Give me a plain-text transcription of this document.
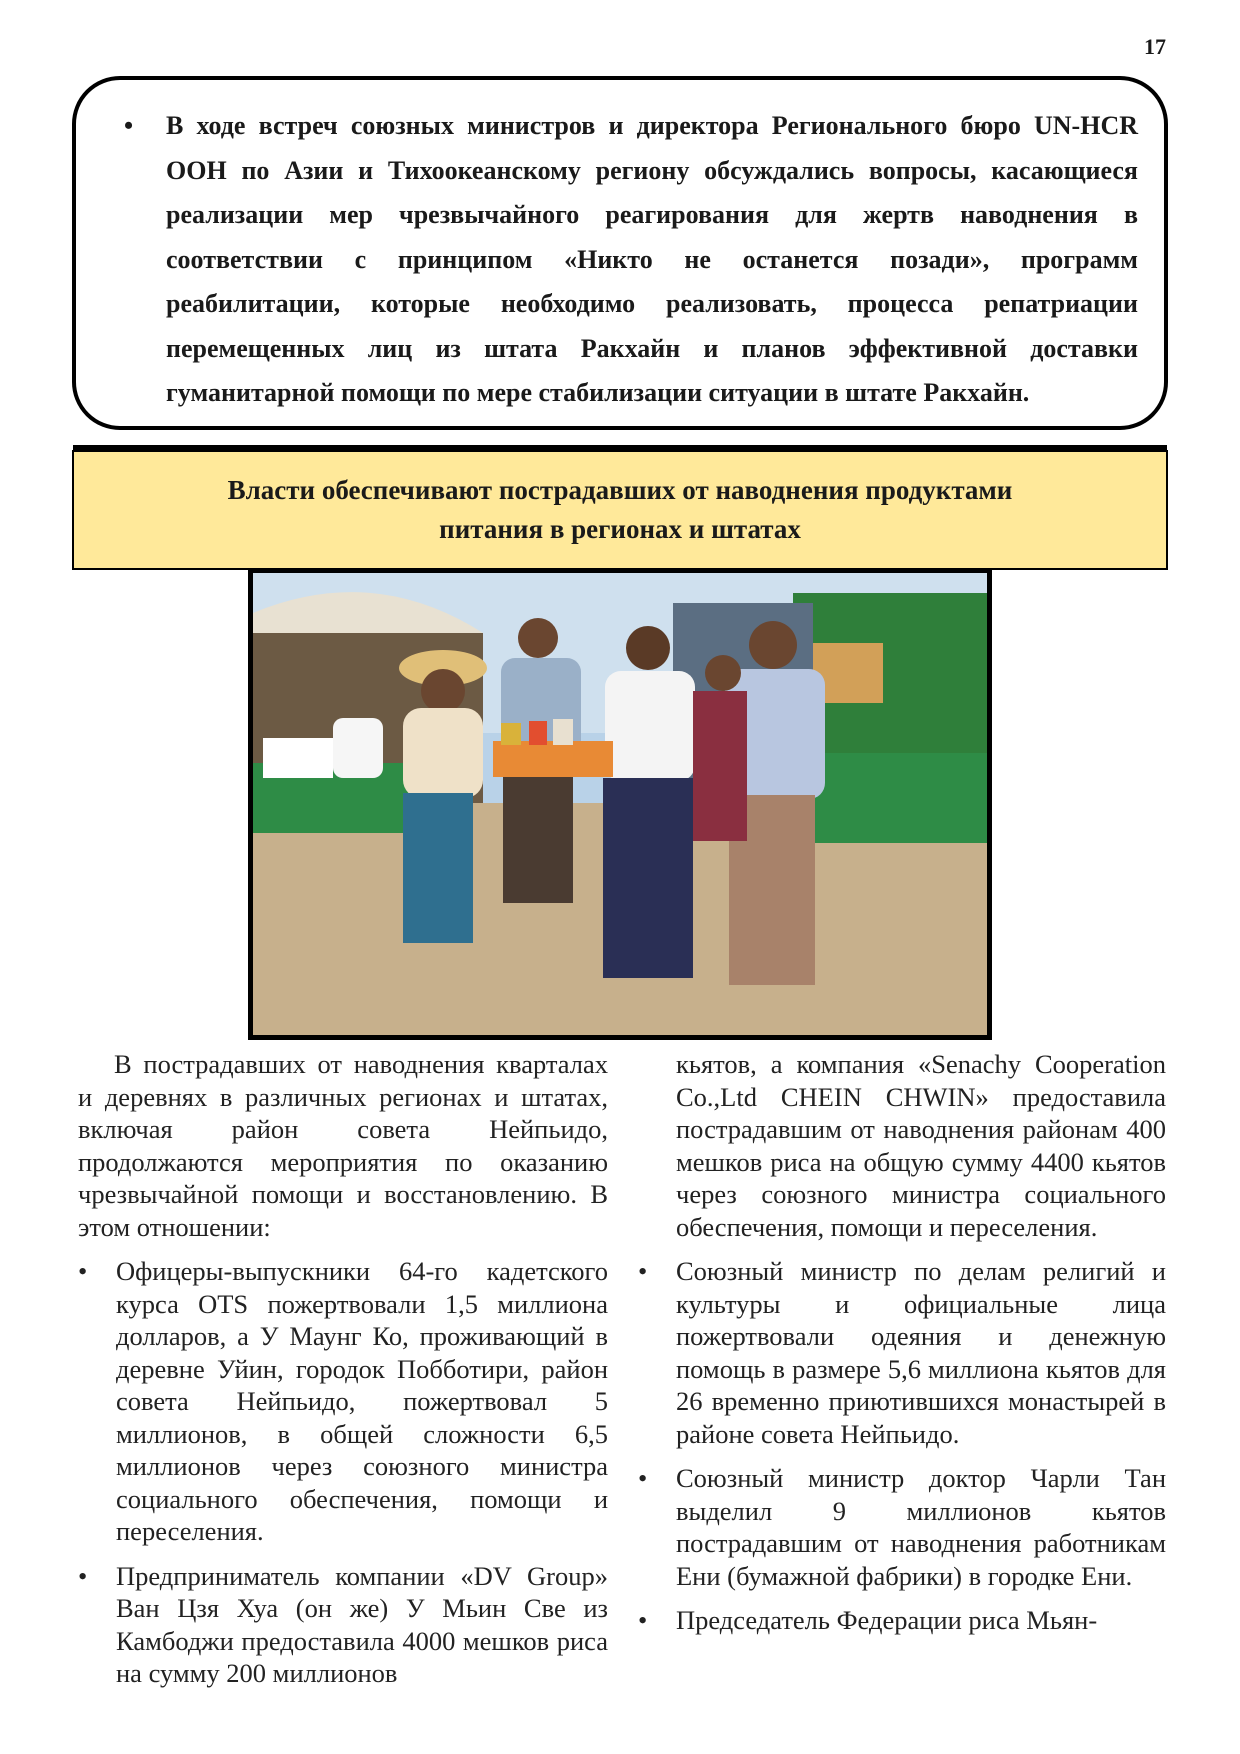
17
• В ходе встреч союзных министров и директора Регионального бюро UN-HCR ООН по Азии и Тихоокеанскому региону обсуждались вопросы, касающиеся реализации мер чрезвычайного реагирования для жертв наводнения в соответствии с принципом «Никто не останется позади», программ реабилитации, которые необходимо реализовать, процесса репатриации перемещенных лиц из штата Ракхайн и планов эффективной доставки гуманитарной помощи по мере стабилизации ситуации в штате Ракхайн.
Власти обеспечивают пострадавших от наводнения продуктами питания в регионах и штатах

В пострадавших от наводнения кварталах и деревнях в различных регионах и штатах, включая район совета Нейпьидо, продолжаются мероприятия по оказанию чрезвычайной помощи и восстановлению. В этом отношении:

• Офицеры-выпускники 64-го кадетского курса OTS пожертвовали 1,5 миллиона долларов, а У Маунг Ко, проживающий в деревне Уйин, городок Побботири, район совета Нейпьидо, пожертвовал 5 миллионов, в общей сложности 6,5 миллионов через союзного министра социального обеспечения, помощи и переселения.
• Предприниматель компании «DV Group» Ван Цзя Хуа (он же) У Мьин Све из Камбоджи предоставила 4000 мешков риса на сумму 200 миллионов

кьятов, а компания «Senachy Cooperation Co.,Ltd CHEIN CHWIN» предоставила пострадавшим от наводнения районам 400 мешков риса на общую сумму 4400 кьятов через союзного министра социального обеспечения, помощи и переселения.

• Союзный министр по делам религий и культуры и официальные лица пожертвовали одеяния и денежную помощь в размере 5,6 миллиона кьятов для 26 временно приютившихся монастырей в районе совета Нейпьидо.
• Союзный министр доктор Чарли Тан выделил 9 миллионов кьятов пострадавшим от наводнения работникам Ени (бумажной фабрики) в городке Ени.
• Председатель Федерации риса Мьян-
